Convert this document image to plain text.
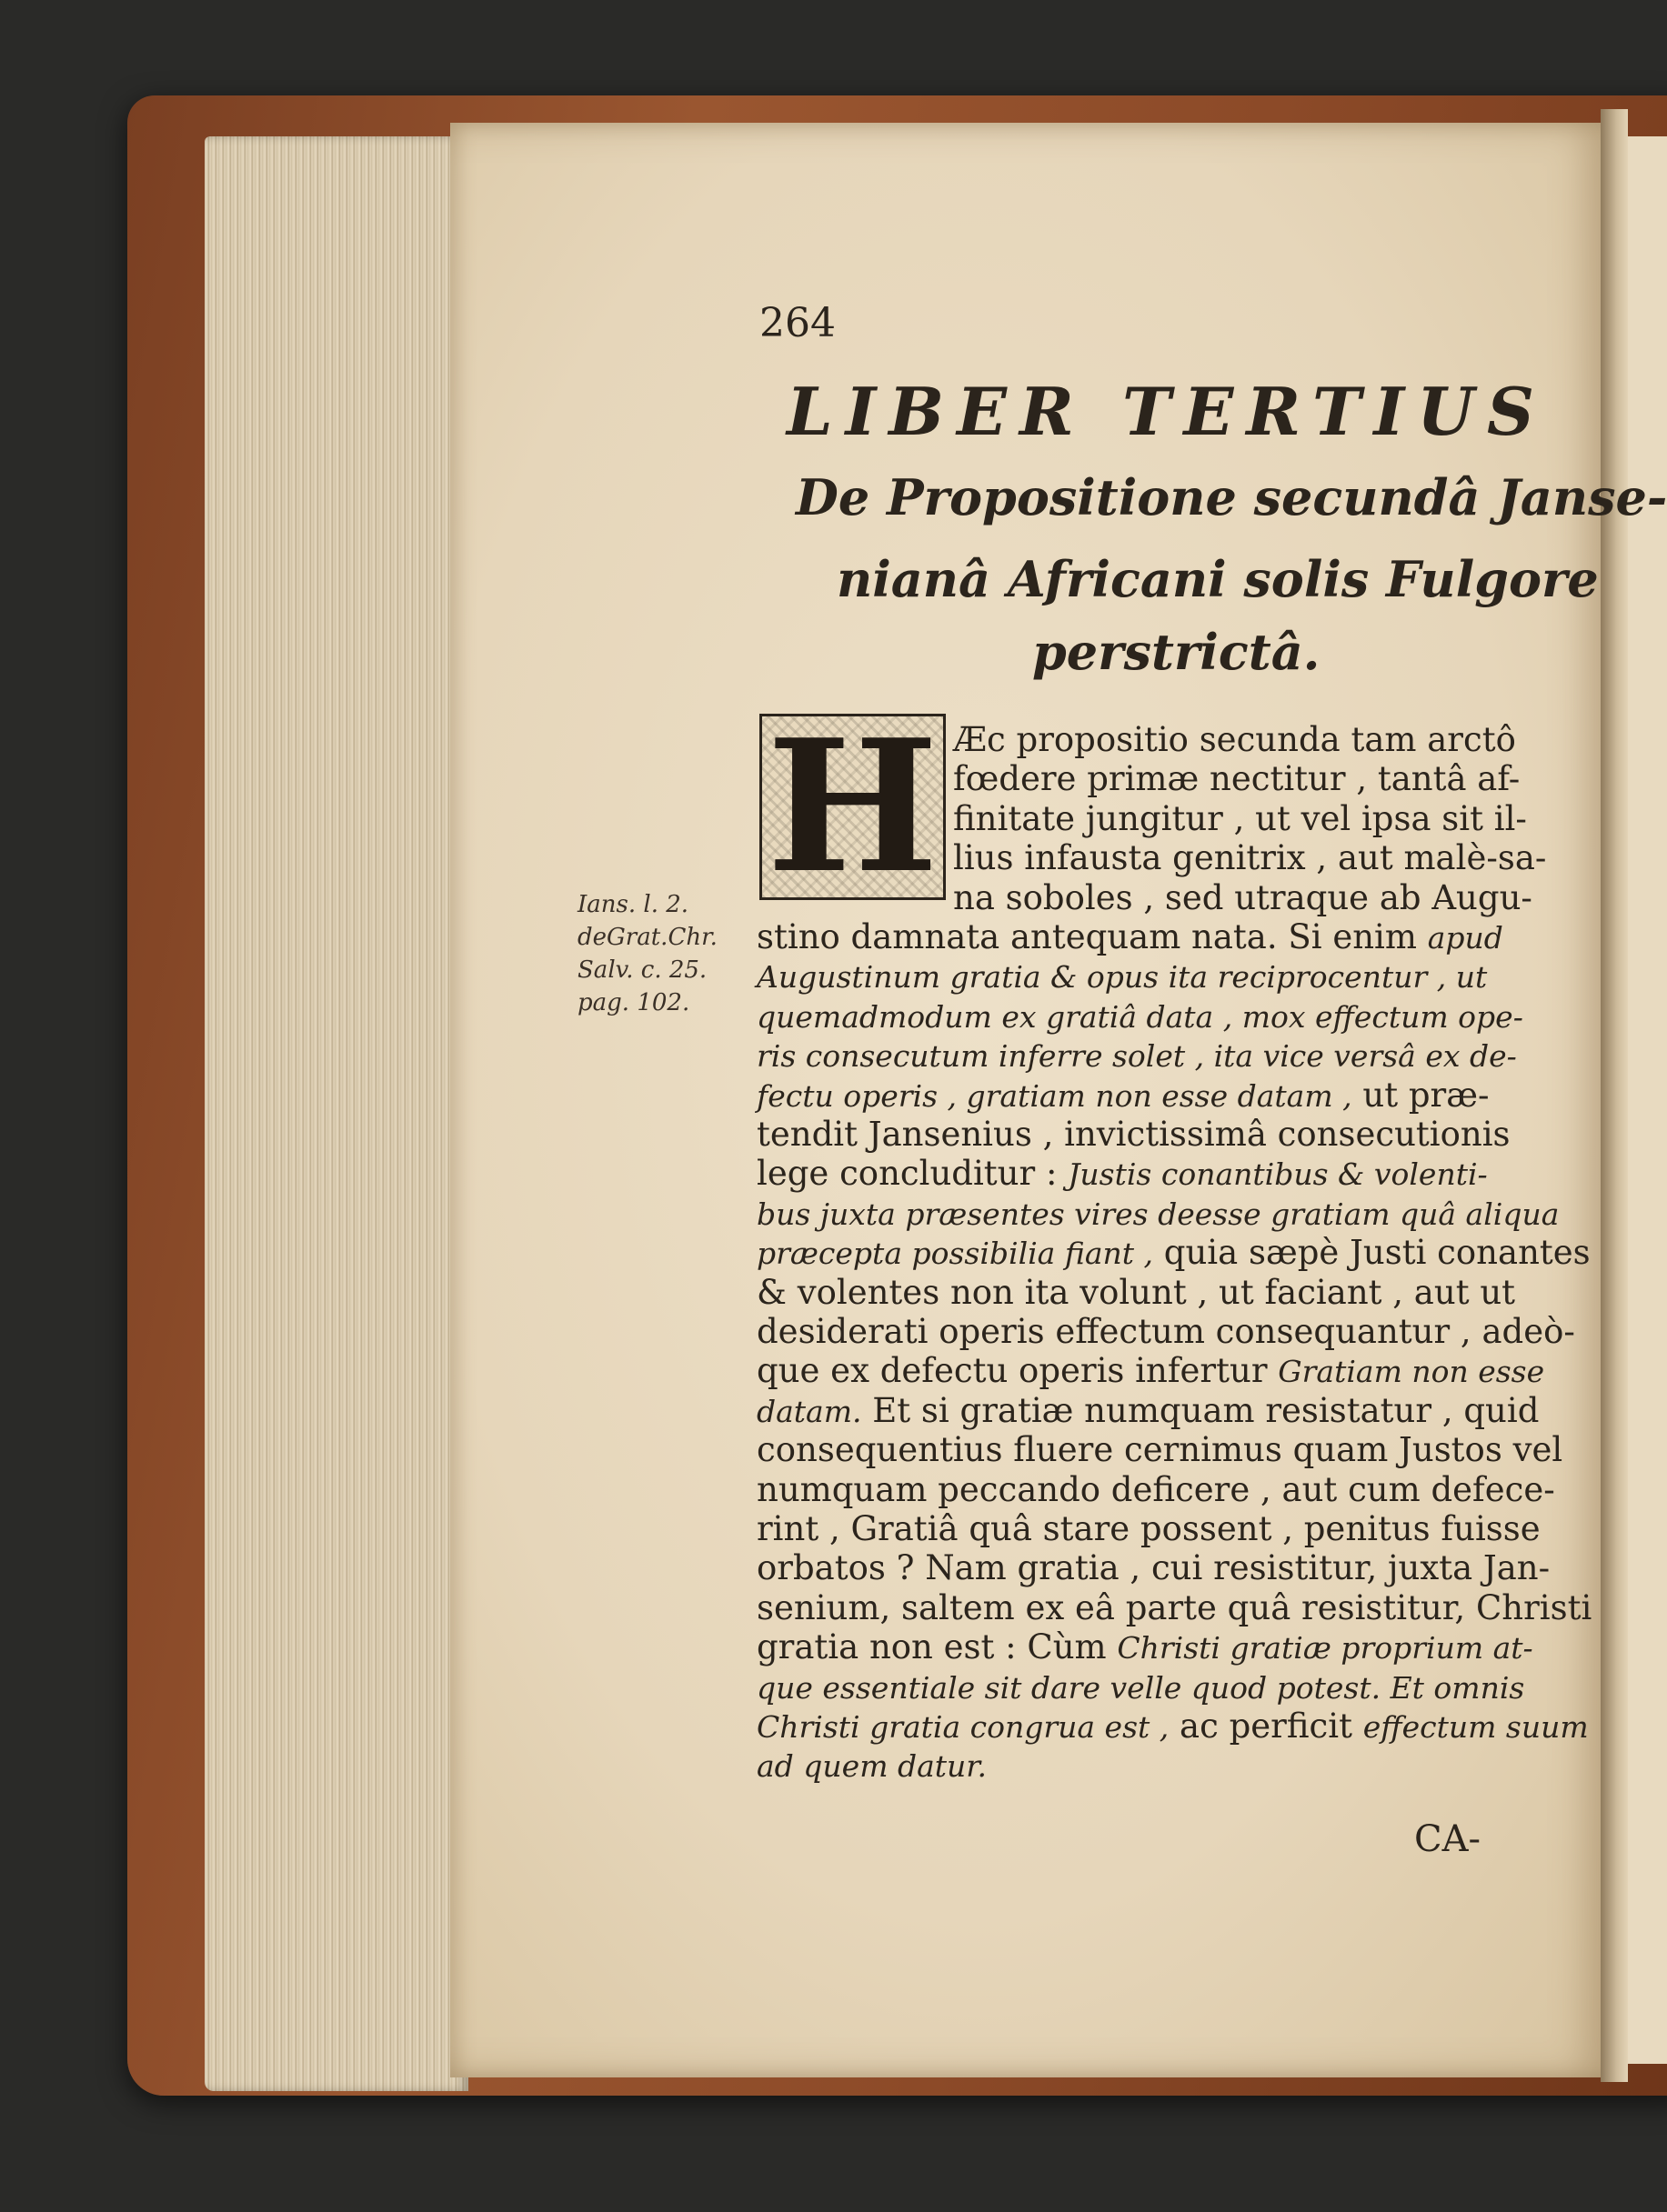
264
LIBER TERTIUS
De Propositione secundâ Janse-
nianâ Africani solis Fulgore
perstrictâ.
H
Ians. l. 2.
deGrat.Chr.
Salv. c. 25.
pag. 102.
Æc propositio secunda tam arctô
fœdere primæ nectitur , tantâ af-
finitate jungitur , ut vel ipsa sit il-
lius infausta genitrix , aut malè-sa-
na soboles , sed utraque ab Augu-
stino damnata antequam nata. Si enim apud
Augustinum gratia & opus ita reciprocentur , ut
quemadmodum ex gratiâ data , mox effectum ope-
ris consecutum inferre solet , ita vice versâ ex de-
fectu operis , gratiam non esse datam , ut præ-
tendit Jansenius , invictissimâ consecutionis
lege concluditur : Justis conantibus & volenti-
bus juxta præsentes vires deesse gratiam quâ aliqua
præcepta possibilia fiant , quia sæpè Justi conantes
& volentes non ita volunt , ut faciant , aut ut
desiderati operis effectum consequantur , adeò-
que ex defectu operis infertur Gratiam non esse
datam. Et si gratiæ numquam resistatur , quid
consequentius fluere cernimus quam Justos vel
numquam peccando deficere , aut cum defece-
rint , Gratiâ quâ stare possent , penitus fuisse
orbatos ? Nam gratia , cui resistitur, juxta Jan-
senium, saltem ex eâ parte quâ resistitur, Christi
gratia non est : Cùm Christi gratiæ proprium at-
que essentiale sit dare velle quod potest. Et omnis
Christi gratia congrua est , ac perficit effectum suum
ad quem datur.
CA-
